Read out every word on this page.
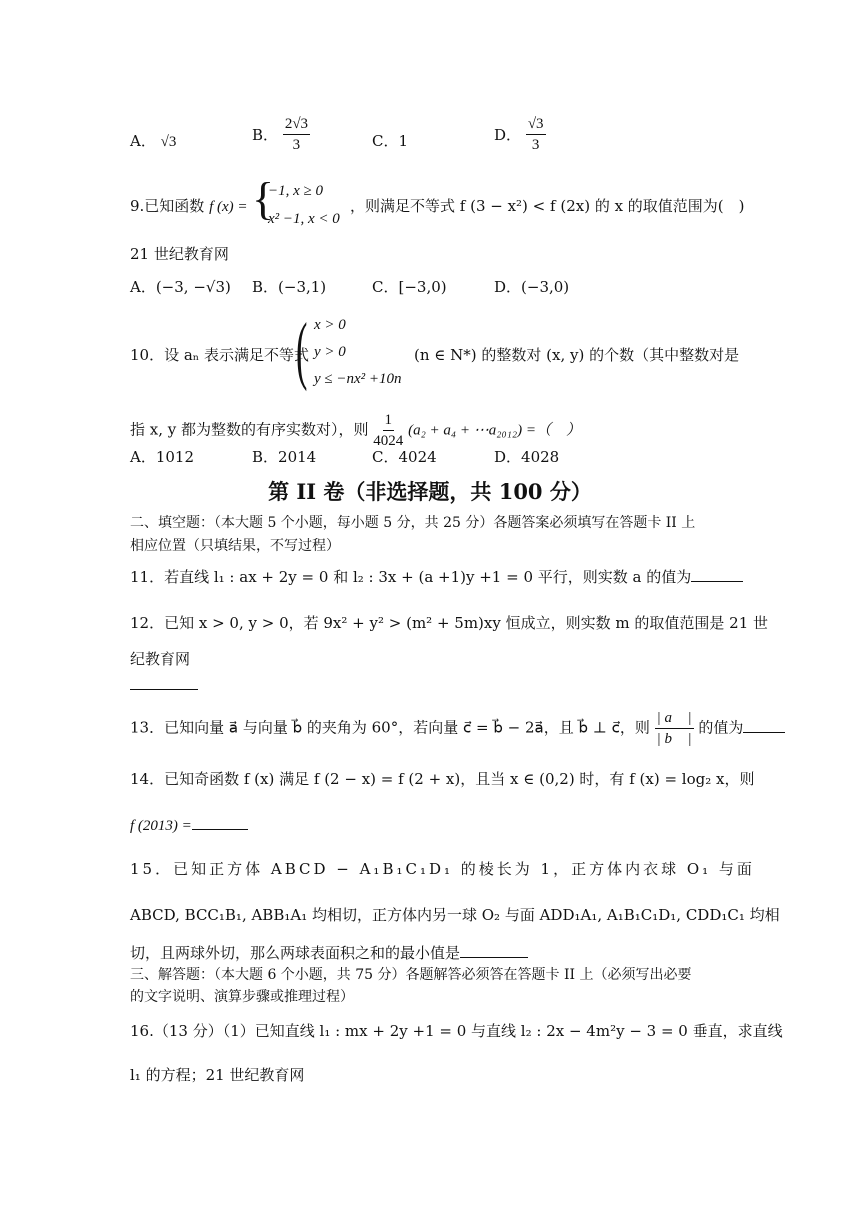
A． √3	B． $\frac{2√3}{3}$	C．1	D． $\frac{√3}{3}$
9.已知函数 f (x) = {
−1, x ≥ 0
x² −1, x < 0
，则满足不等式 f (3 − x²) < f (2x) 的 x 的取值范围为(　)
21 世纪教育网
A．(−3, −√3) B．(−3,1)	C．[−3,0)	D．(−3,0)
10．设 aₙ 表示满足不等式
( x > 0
y > 0
y ≤ −nx² +10n
(n ∈ N*) 的整数对 (x, y) 的个数（其中整数对是
指 x, y 都为整数的有序实数对），则 $\frac{1}{4024} (a_2 + a_4$ + ⋯a₂₀₁₂) =（　）
A．1012	B．2014	C．4024	D．4028
第 II 卷（非选择题，共 100 分）
二、填空题：（本大题 5 个小题，每小题 5 分，共 25 分）各题答案必须填写在答题卡 II 上
相应位置（只填结果，不写过程）
11．若直线 l₁ : ax + 2y = 0 和 l₂ : 3x + (a +1)y +1 = 0 平行，则实数 a 的值为
12．已知 x > 0, y > 0，若 9x² + y² > (m² + 5m)xy 恒成立，则实数 m 的取值范围是 21 世
纪教育网
13．已知向量 a⃗ 与向量 b⃗ 的夹角为 60°，若向量 c⃗ = b⃗ − 2a⃗，且 b⃗ ⊥ c⃗，则 $\frac{| a⃗ |}{| b⃗ |}$ 的值为
14．已知奇函数 f (x) 满足 f (2 − x) = f (2 + x)，且当 x ∈ (0,2) 时，有 f (x) = log₂ x，则
f (2013) =
15．已知正方体 ABCD − A₁B₁C₁D₁ 的棱长为 1，正方体内衣球 O₁ 与面
ABCD, BCC₁B₁, ABB₁A₁ 均相切，正方体内另一球 O₂ 与面 ADD₁A₁, A₁B₁C₁D₁, CDD₁C₁ 均相
切，且两球外切，那么两球表面积之和的最小值是
三、解答题：（本大题 6 个小题，共 75 分）各题解答必须答在答题卡 II 上（必须写出必要
的文字说明、演算步骤或推理过程）
16.（13 分）（1）已知直线 l₁ : mx + 2y +1 = 0 与直线 l₂ : 2x − 4m²y − 3 = 0 垂直，求直线
l₁ 的方程；21 世纪教育网
